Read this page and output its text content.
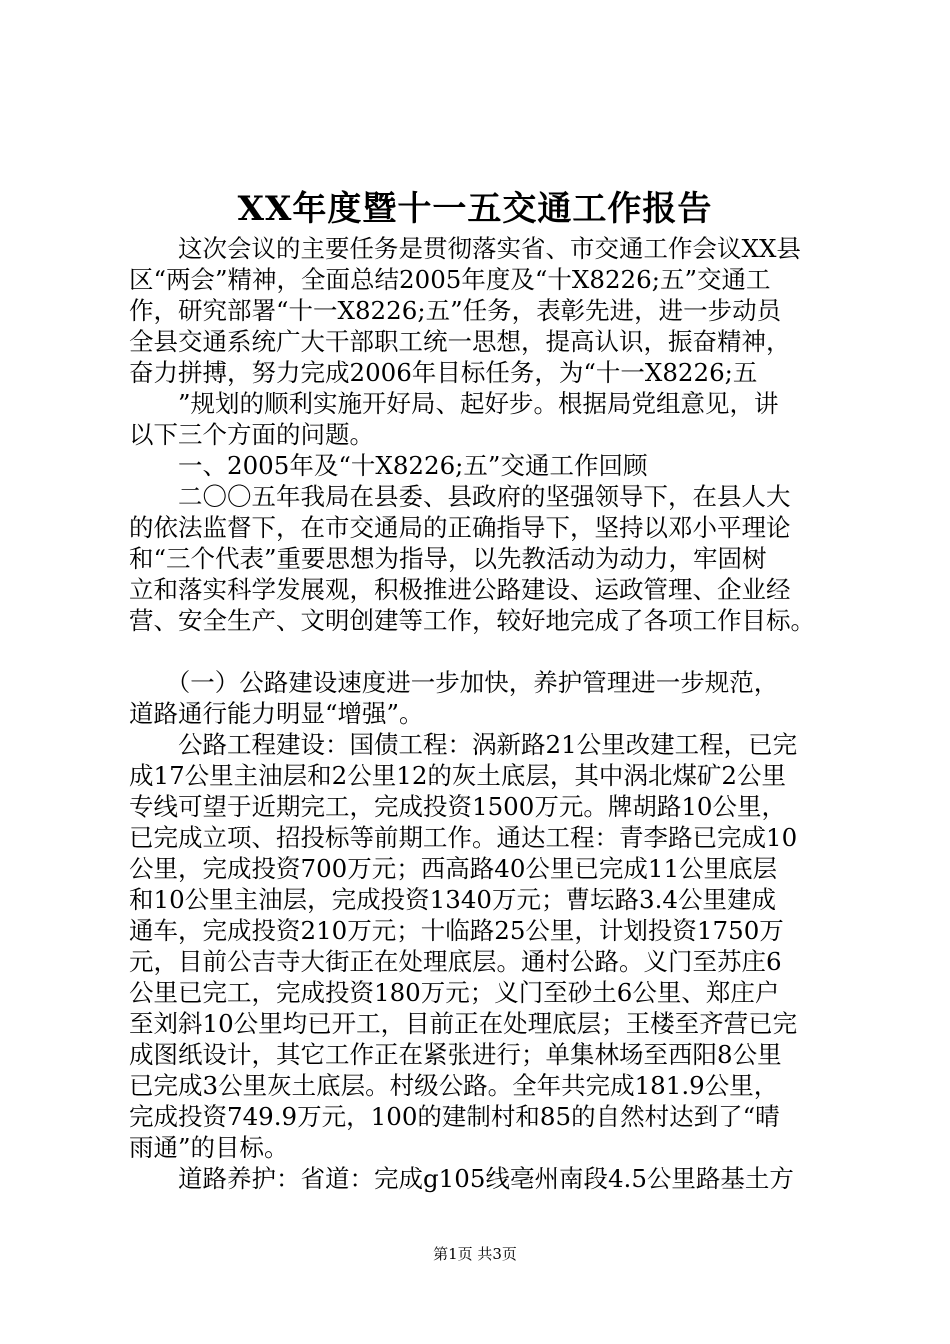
XX年度暨十一五交通工作报告
　　这次会议的主要任务是贯彻落实省、市交通工作会议XX县
区“两会”精神，全面总结2005年度及“十X8226;五”交通工
作，研究部署“十一X8226;五”任务，表彰先进，进一步动员
全县交通系统广大干部职工统一思想，提高认识，振奋精神，
奋力拼搏，努力完成2006年目标任务，为“十一X8226;五
　　”规划的顺利实施开好局、起好步。根据局党组意见，讲
以下三个方面的问题。
　　一、2005年及“十X8226;五”交通工作回顾
　　二〇〇五年我局在县委、县政府的坚强领导下，在县人大
的依法监督下，在市交通局的正确指导下，坚持以邓小平理论
和“三个代表”重要思想为指导，以先教活动为动力，牢固树
立和落实科学发展观，积极推进公路建设、运政管理、企业经
营、安全生产、文明创建等工作，较好地完成了各项工作目标。
　　（一）公路建设速度进一步加快，养护管理进一步规范，
道路通行能力明显“增强”。
　　公路工程建设：国债工程：涡新路21公里改建工程，已完
成17公里主油层和2公里12的灰土底层，其中涡北煤矿2公里
专线可望于近期完工，完成投资1500万元。牌胡路10公里，
已完成立项、招投标等前期工作。通达工程：青李路已完成10
公里，完成投资700万元；西高路40公里已完成11公里底层
和10公里主油层，完成投资1340万元；曹坛路3.4公里建成
通车，完成投资210万元；十临路25公里，计划投资1750万
元，目前公吉寺大街正在处理底层。通村公路。义门至苏庄6
公里已完工，完成投资180万元；义门至砂土6公里、郑庄户
至刘斜10公里均已开工，目前正在处理底层；王楼至齐营已完
成图纸设计，其它工作正在紧张进行；单集林场至西阳8公里
已完成3公里灰土底层。村级公路。全年共完成181.9公里，
完成投资749.9万元，100的建制村和85的自然村达到了“晴
雨通”的目标。
　　道路养护：省道：完成g105线亳州南段4.5公里路基土方
第1页 共3页
